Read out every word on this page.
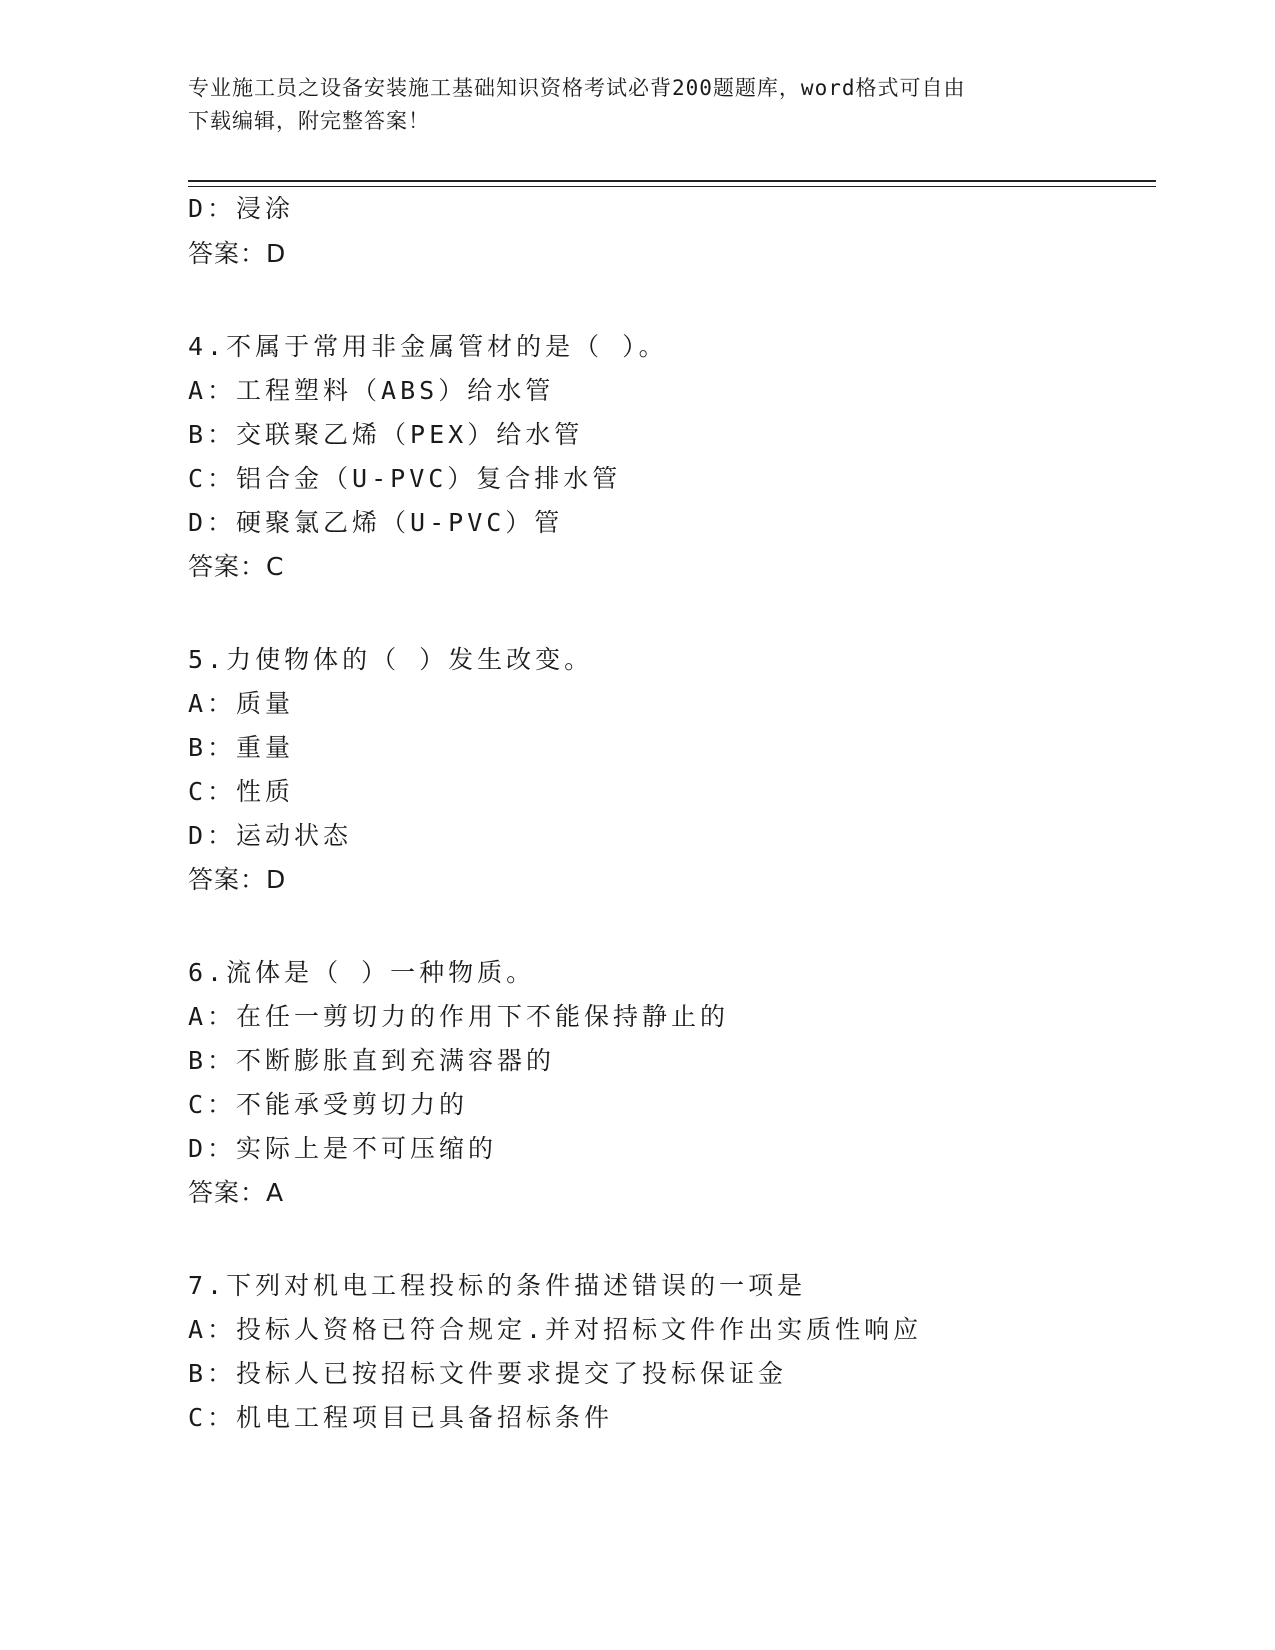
专业施工员之设备安装施工基础知识资格考试必背200题题库，word格式可自由
下载编辑，附完整答案！
D：浸涂
答案：D
4.不属于常用非金属管材的是（ ）。
A：工程塑料（ABS）给水管
B：交联聚乙烯（PEX）给水管
C：铝合金（U-PVC）复合排水管
D：硬聚氯乙烯（U-PVC）管
答案：C
5.力使物体的（ ）发生改变。
A：质量
B：重量
C：性质
D：运动状态
答案：D
6.流体是（ ）一种物质。
A：在任一剪切力的作用下不能保持静止的
B：不断膨胀直到充满容器的
C：不能承受剪切力的
D：实际上是不可压缩的
答案：A
7.下列对机电工程投标的条件描述错误的一项是
A：投标人资格已符合规定.并对招标文件作出实质性响应
B：投标人已按招标文件要求提交了投标保证金
C：机电工程项目已具备招标条件
